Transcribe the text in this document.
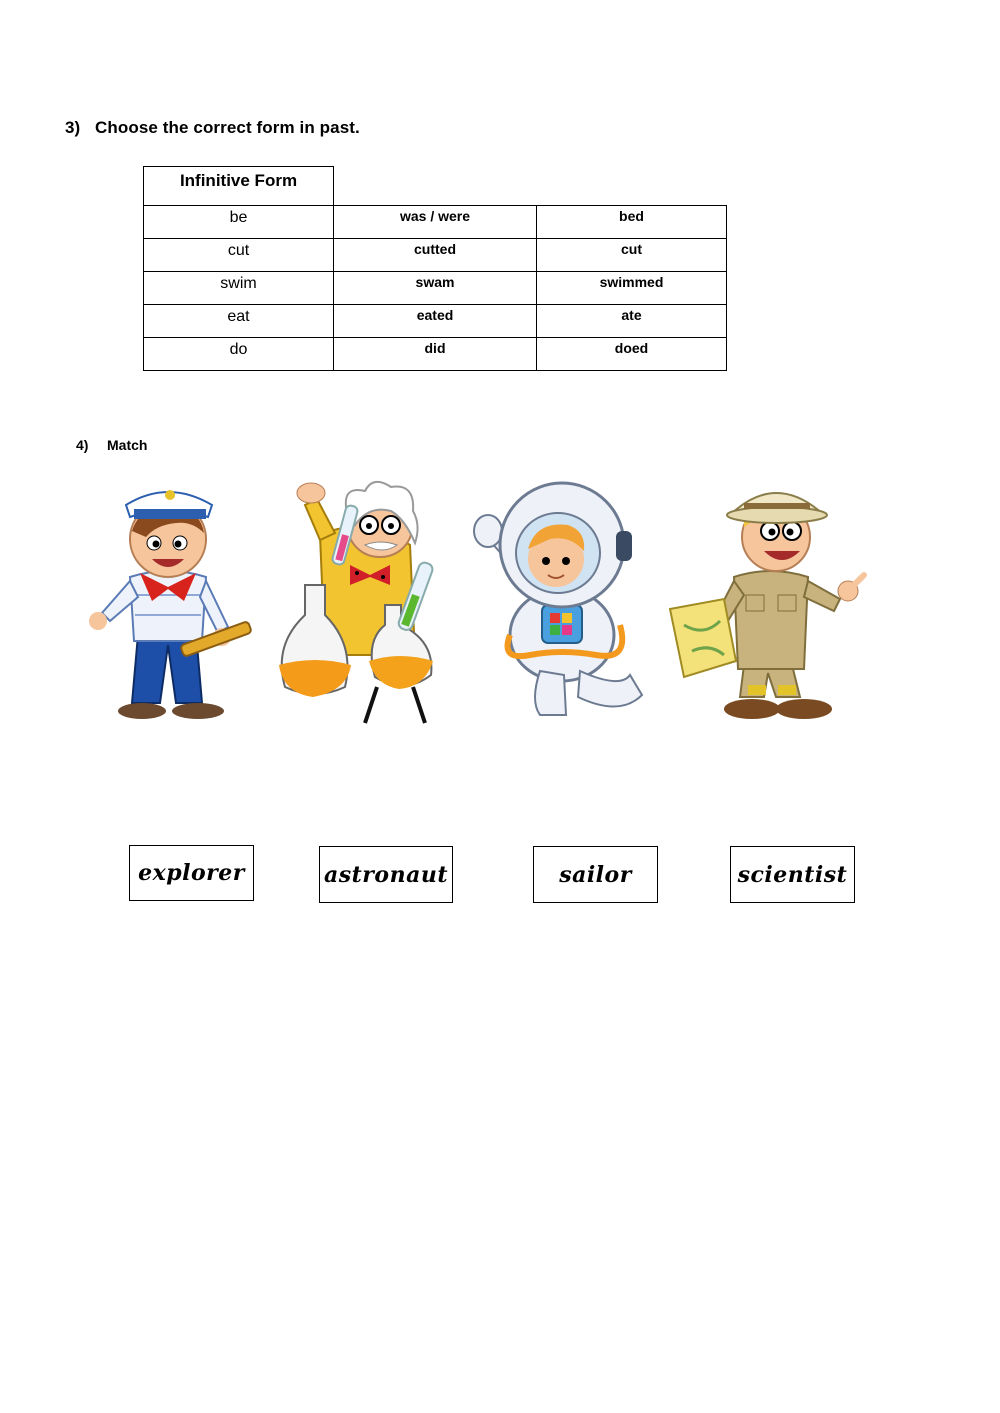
3) Choose the correct form in past.
Infinitive Form		
be	was / were	bed
cut	cutted	cut
swim	swam	swimmed
eat	eated	ate
do	did	doed
4) Match
explorer	astronaut	sailor	scientist
